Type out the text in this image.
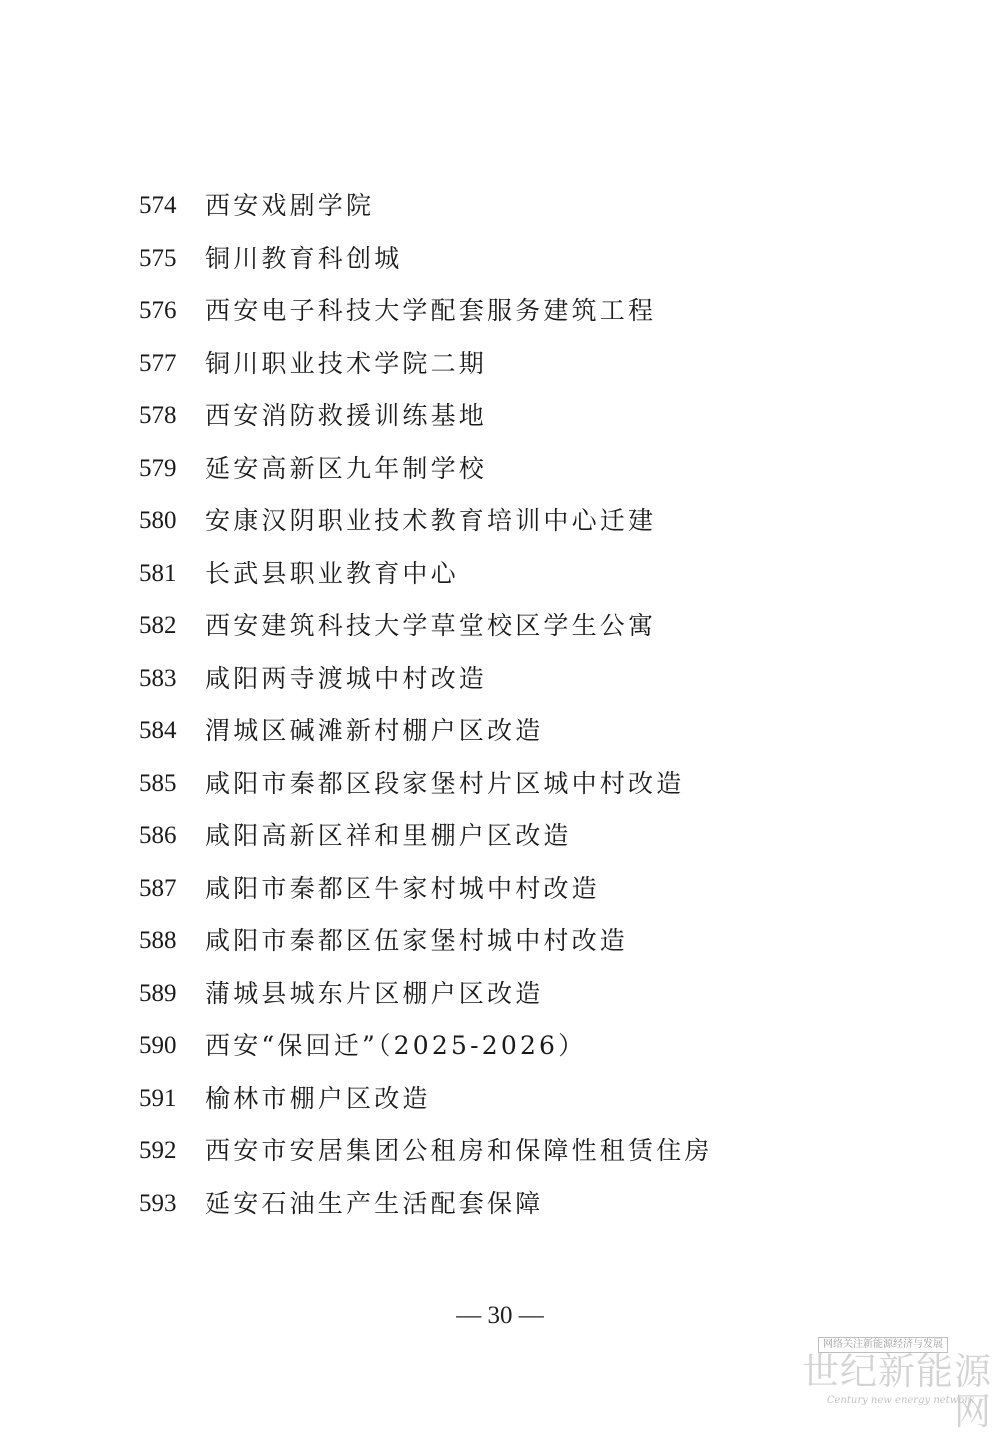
574	西安戏剧学院
575	铜川教育科创城
576	西安电子科技大学配套服务建筑工程
577	铜川职业技术学院二期
578	西安消防救援训练基地
579	延安高新区九年制学校
580	安康汉阴职业技术教育培训中心迁建
581	长武县职业教育中心
582	西安建筑科技大学草堂校区学生公寓
583	咸阳两寺渡城中村改造
584	渭城区碱滩新村棚户区改造
585	咸阳市秦都区段家堡村片区城中村改造
586	咸阳高新区祥和里棚户区改造
587	咸阳市秦都区牛家村城中村改造
588	咸阳市秦都区伍家堡村城中村改造
589	蒲城县城东片区棚户区改造
590	西安“保回迁”（2025-2026）
591	榆林市棚户区改造
592	西安市安居集团公租房和保障性租赁住房
593	延安石油生产生活配套保障
— 30 —
网络关注新能源经济与发展
世纪新能源网
Century new energy network
